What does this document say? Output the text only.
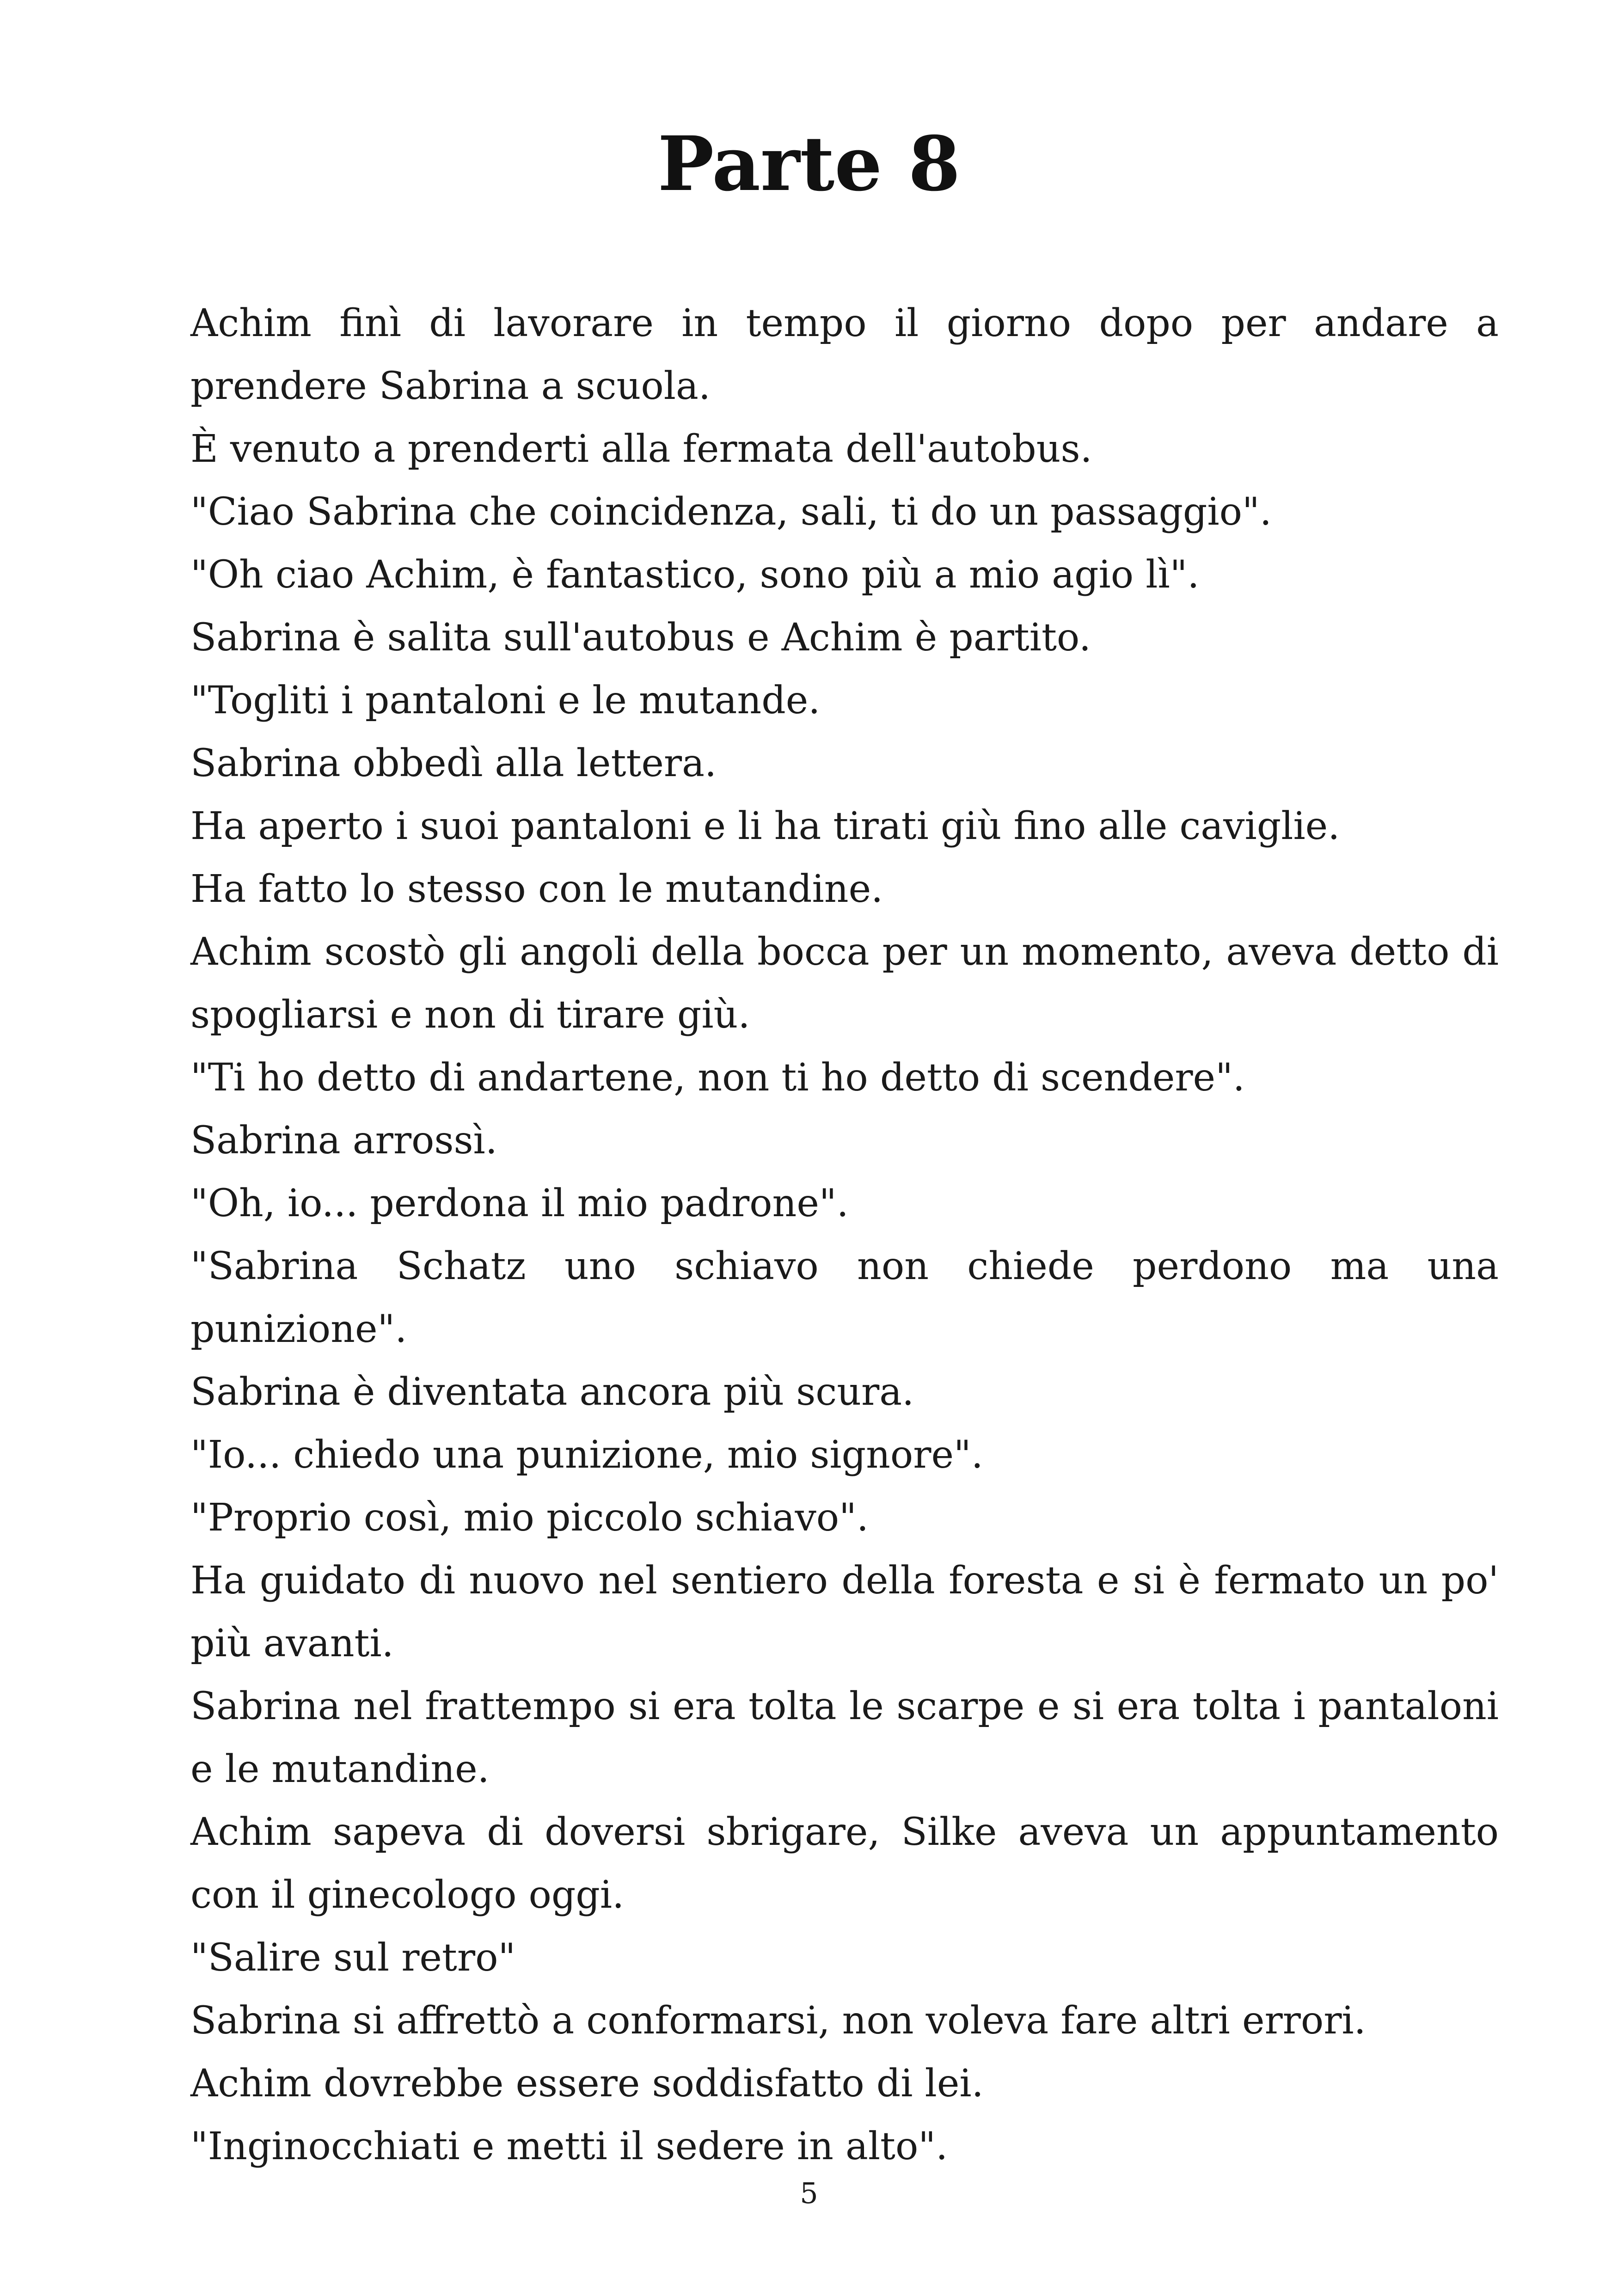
Parte 8

Achim finì di lavorare in tempo il giorno dopo per andare a prendere Sabrina a scuola.

È venuto a prenderti alla fermata dell'autobus.

"Ciao Sabrina che coincidenza, sali, ti do un passaggio".

"Oh ciao Achim, è fantastico, sono più a mio agio lì".

Sabrina è salita sull'autobus e Achim è partito.

"Togliti i pantaloni e le mutande.

Sabrina obbedì alla lettera.

Ha aperto i suoi pantaloni e li ha tirati giù fino alle caviglie.

Ha fatto lo stesso con le mutandine.

Achim scostò gli angoli della bocca per un momento, aveva detto di spogliarsi e non di tirare giù.

"Ti ho detto di andartene, non ti ho detto di scendere".

Sabrina arrossì.

"Oh, io... perdona il mio padrone".

"Sabrina Schatz uno schiavo non chiede perdono ma una punizione".

Sabrina è diventata ancora più scura.

"Io... chiedo una punizione, mio signore".

"Proprio così, mio piccolo schiavo".

Ha guidato di nuovo nel sentiero della foresta e si è fermato un po' più avanti.

Sabrina nel frattempo si era tolta le scarpe e si era tolta i pantaloni e le mutandine.

Achim sapeva di doversi sbrigare, Silke aveva un appuntamento con il ginecologo oggi.

"Salire sul retro"

Sabrina si affrettò a conformarsi, non voleva fare altri errori.

Achim dovrebbe essere soddisfatto di lei.

"Inginocchiati e metti il sedere in alto".

5
